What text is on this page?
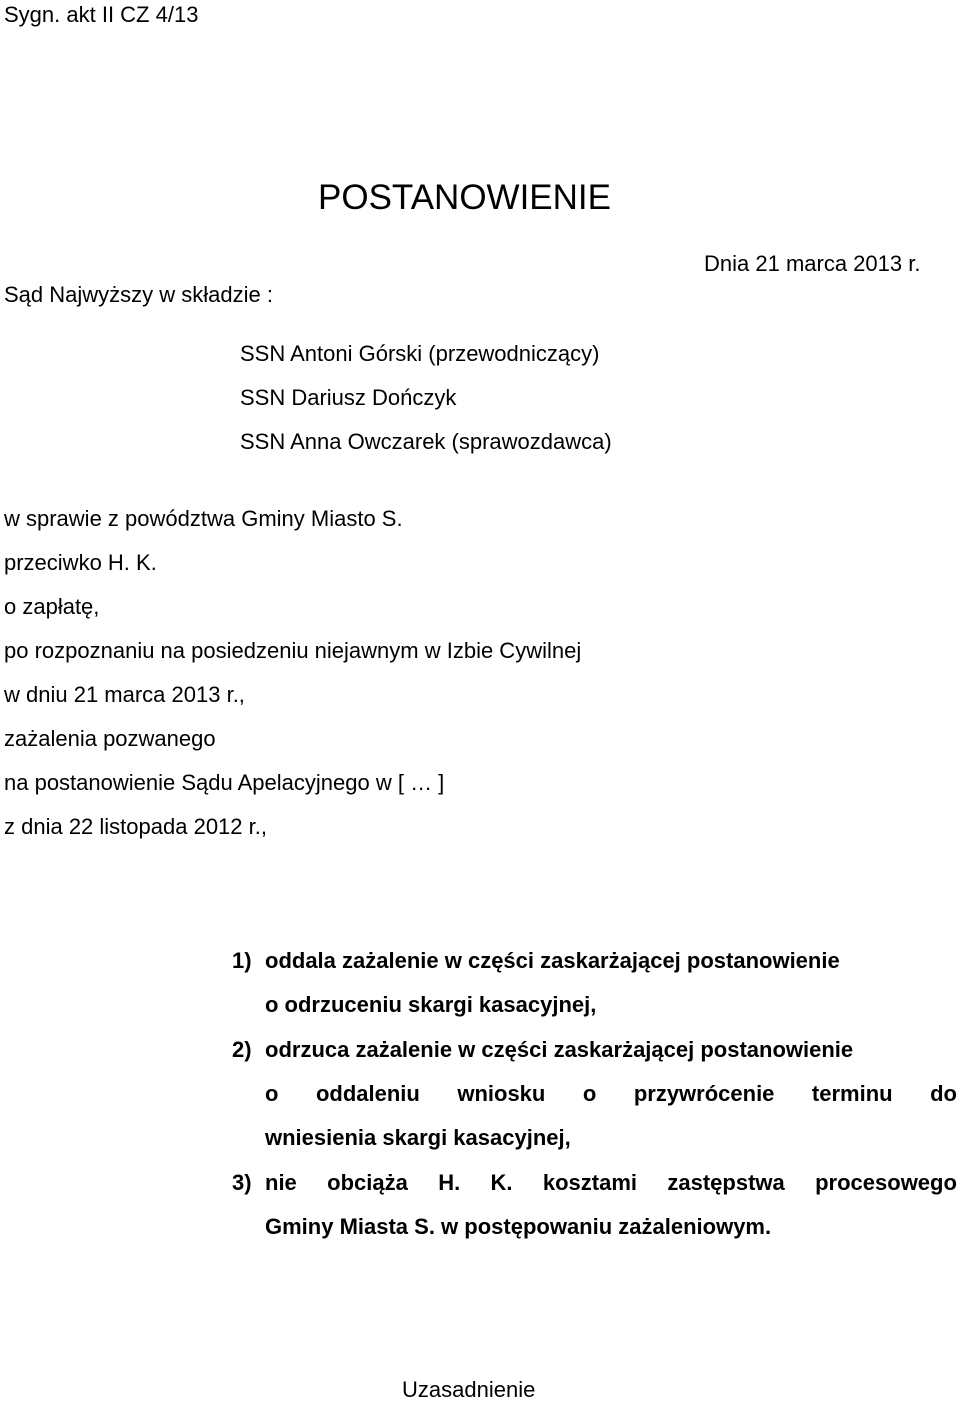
Sygn. akt II CZ 4/13
POSTANOWIENIE
Dnia 21 marca 2013 r.
Sąd Najwyższy w składzie :
SSN Antoni Górski (przewodniczący)
SSN Dariusz Dończyk
SSN Anna Owczarek (sprawozdawca)
w sprawie z powództwa Gminy Miasto S.
przeciwko H. K.
o zapłatę,
po rozpoznaniu na posiedzeniu niejawnym w Izbie Cywilnej
w dniu 21 marca 2013 r.,
zażalenia pozwanego
na postanowienie Sądu Apelacyjnego w [ … ]
z dnia 22 listopada 2012 r.,
1) oddala zażalenie w części zaskarżającej postanowienie
o odrzuceniu skargi kasacyjnej,
2) odrzuca zażalenie w części zaskarżającej postanowienie
o oddaleniu wniosku o przywrócenie terminu do
wniesienia skargi kasacyjnej,
3) nie obciąża H. K. kosztami zastępstwa procesowego
Gminy Miasta S. w postępowaniu zażaleniowym.
Uzasadnienie
